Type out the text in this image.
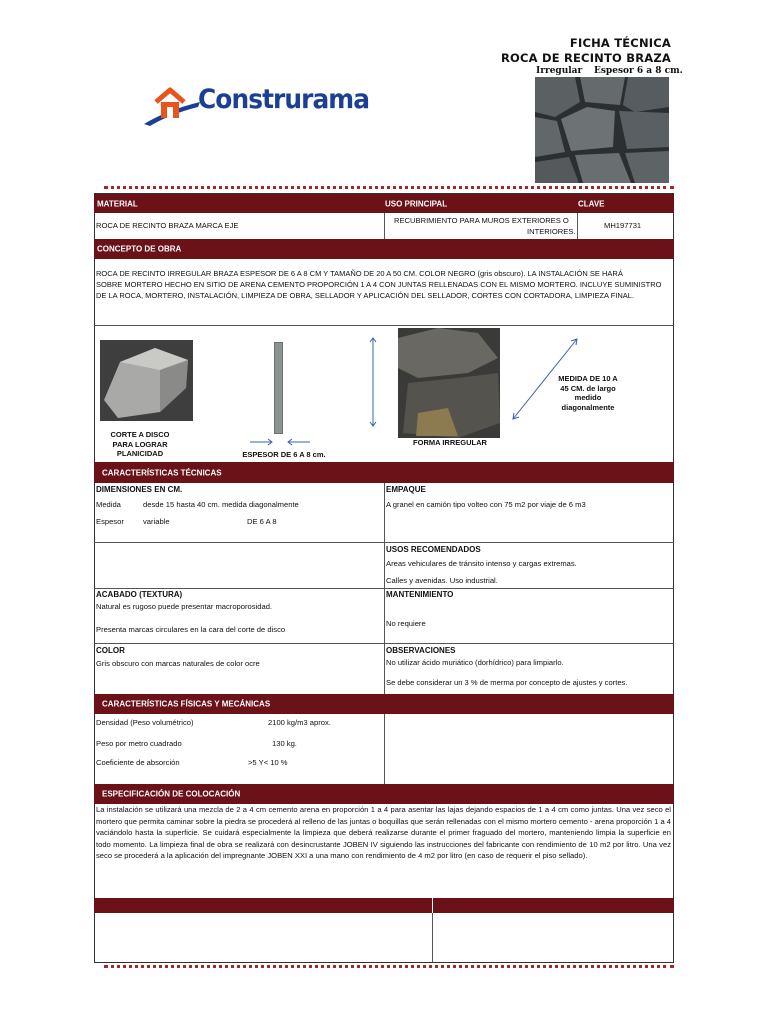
FICHA TÉCNICA
ROCA DE RECINTO BRAZA
Irregular Espesor 6 a 8 cm.
Construrama
MATERIAL	USO PRINCIPAL	CLAVE
ROCA DE RECINTO BRAZA MARCA EJE
RECUBRIMIENTO PARA MUROS EXTERIORES O
INTERIORES.
MH197731
CONCEPTO DE OBRA
ROCA DE RECINTO IRREGULAR BRAZA ESPESOR DE 6 A 8 CM Y TAMAÑO DE 20 A 50 CM. COLOR NEGRO (gris obscuro). LA INSTALACIÓN SE HARÁ
SOBRE MORTERO HECHO EN SITIO DE ARENA CEMENTO PROPORCIÓN 1 A 4 CON JUNTAS RELLENADAS CON EL MISMO MORTERO. INCLUYE SUMINISTRO
DE LA ROCA, MORTERO, INSTALACIÓN, LIMPIEZA DE OBRA, SELLADOR Y APLICACIÓN DEL SELLADOR, CORTES CON CORTADORA, LIMPIEZA FINAL.
CORTE A DISCO
PARA LOGRAR
PLANICIDAD	ESPESOR DE 6 A 8 cm.
FORMA IRREGULAR
MEDIDA DE 10 A
45 CM. de largo
medido
diagonalmente
CARACTERÍSTICAS TÉCNICAS
DIMENSIONES EN CM.
Medida	desde 15 hasta 40 cm. medida diagonalmente
Espesor	variable	DE 6 A 8
EMPAQUE
A granel en camión tipo volteo con 75 m2 por viaje de 6 m3
USOS RECOMENDADOS
Areas vehiculares de tránsito intenso y cargas extremas.
Calles y avenidas. Uso industrial.
ACABADO (TEXTURA)
Natural es rugoso puede presentar macroporosidad.
Presenta marcas circulares en la cara del corte de disco
MANTENIMIENTO
No requiere
COLOR
Gris obscuro con marcas naturales de color ocre
OBSERVACIONES
No utilizar ácido muriático (dorhídrico) para limpiarlo.
Se debe considerar un 3 % de merma por concepto de ajustes y cortes.
CARACTERÍSTICAS FÍSICAS Y MECÁNICAS
Densidad (Peso volumétrico)	2100 kg/m3 aprox.
Peso por metro cuadrado	130 kg.
Coeficiente de absorción	>5 Y< 10 %
ESPECIFICACIÓN DE COLOCACIÓN
La instalación se utilizará una mezcla de 2 a 4 cm cemento arena en proporción 1 a 4 para asentar las lajas dejando espacios de 1 a 4 cm como juntas. Una vez seco el mortero que permita caminar sobre la piedra se procederá al relleno de las juntas o boquillas que serán rellenadas con el mismo mortero cemento - arena proporción 1 a 4 vaciándolo hasta la superficie. Se cuidará especialmente la limpieza que deberá realizarse durante el primer fraguado del mortero, manteniendo limpia la superficie en todo momento. La limpieza final de obra se realizará con desincrustante JOBEN IV siguiendo las instrucciones del fabricante con rendimiento de 10 m2 por litro. Una vez seco se procederá a la aplicación del impregnante JOBEN XXI a una mano con rendimiento de 4 m2 por litro (en caso de requerir el piso sellado).
